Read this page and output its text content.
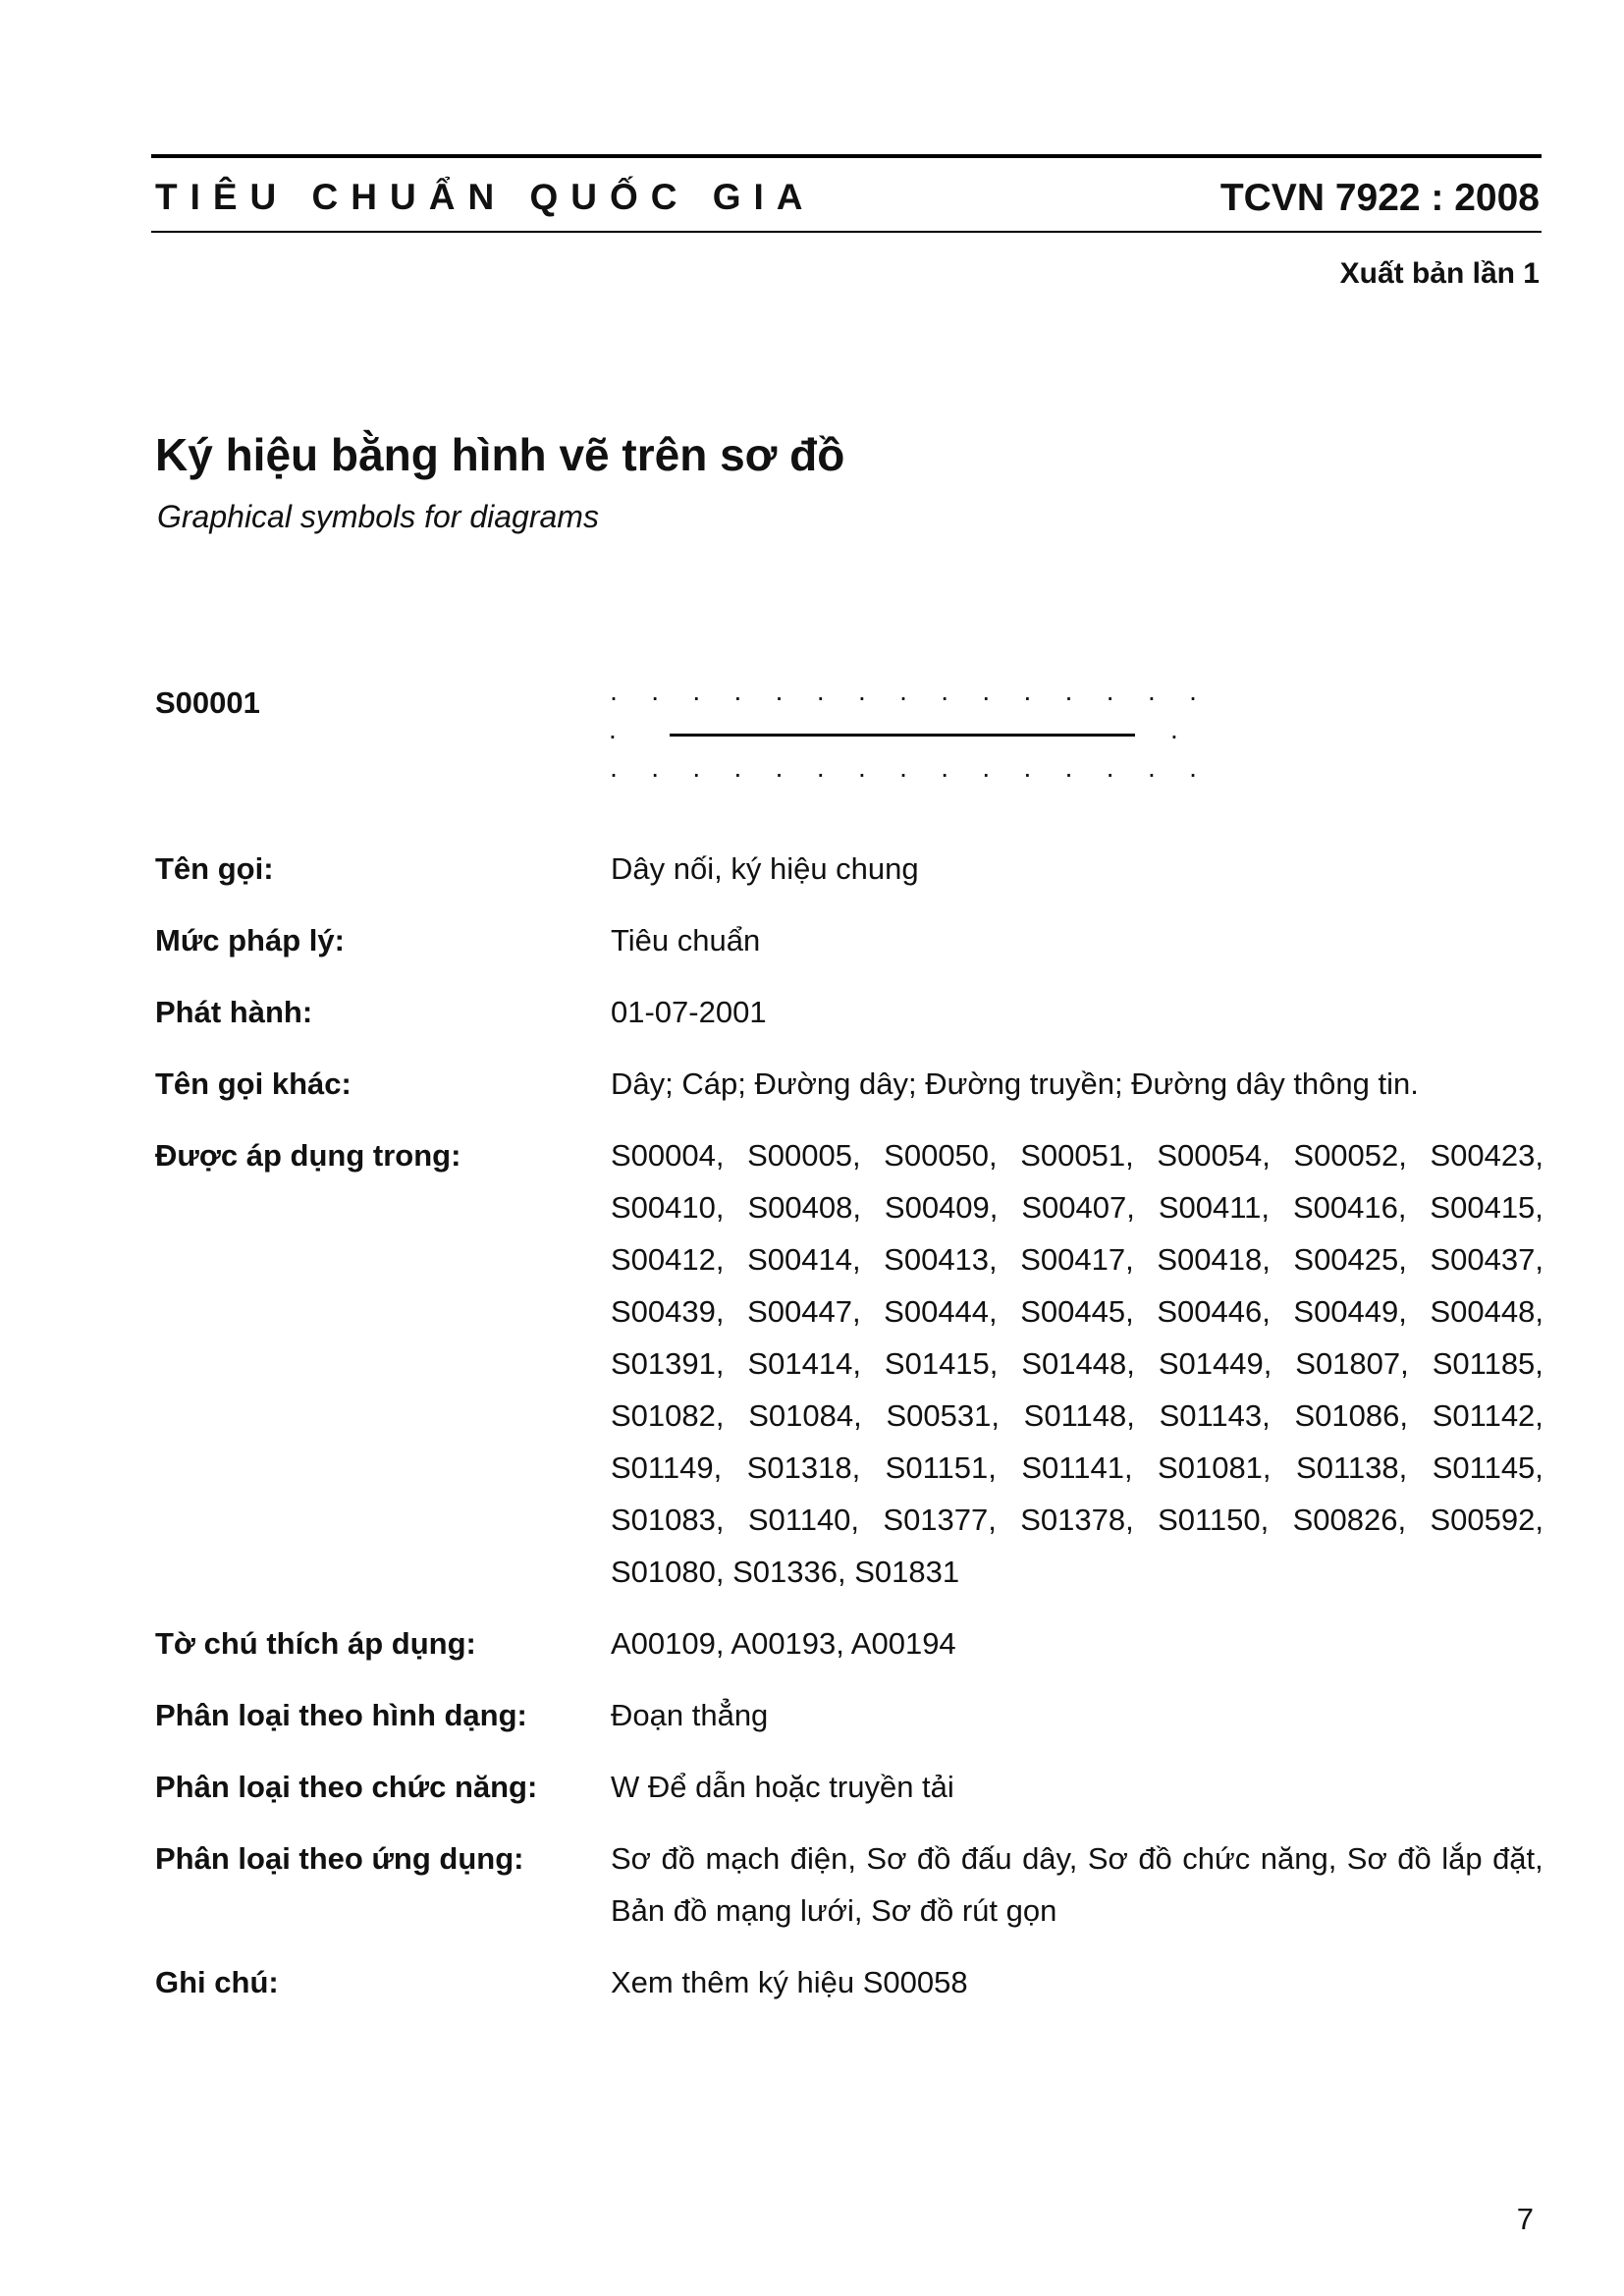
TIÊU CHUẨN QUỐC GIA	TCVN 7922 : 2008
Xuất bản lần 1
Ký hiệu bằng hình vẽ trên sơ đồ
Graphical symbols for diagrams
S00001	. . . . . . . . . . . . . . .
.	.
. . . . . . . . . . . . . . .
Tên gọi:	Dây nối, ký hiệu chung
Mức pháp lý:	Tiêu chuẩn
Phát hành:	01-07-2001
Tên gọi khác:	Dây; Cáp; Đường dây; Đường truyền; Đường dây thông tin.
Được áp dụng trong:	S00004, S00005, S00050, S00051, S00054, S00052, S00423,
S00410, S00408, S00409, S00407, S00411, S00416, S00415,
S00412, S00414, S00413, S00417, S00418, S00425, S00437,
S00439, S00447, S00444, S00445, S00446, S00449, S00448,
S01391, S01414, S01415, S01448, S01449, S01807, S01185,
S01082, S01084, S00531, S01148, S01143, S01086, S01142,
S01149, S01318, S01151, S01141, S01081, S01138, S01145,
S01083, S01140, S01377, S01378, S01150, S00826, S00592,
S01080, S01336, S01831
Tờ chú thích áp dụng:	A00109, A00193, A00194
Phân loại theo hình dạng:	Đoạn thẳng
Phân loại theo chức năng:	W Để dẫn hoặc truyền tải
Phân loại theo ứng dụng:	Sơ đồ mạch điện, Sơ đồ đấu dây, Sơ đồ chức năng, Sơ đồ lắp đặt,
Bản đồ mạng lưới, Sơ đồ rút gọn
Ghi chú:	Xem thêm ký hiệu S00058
7
